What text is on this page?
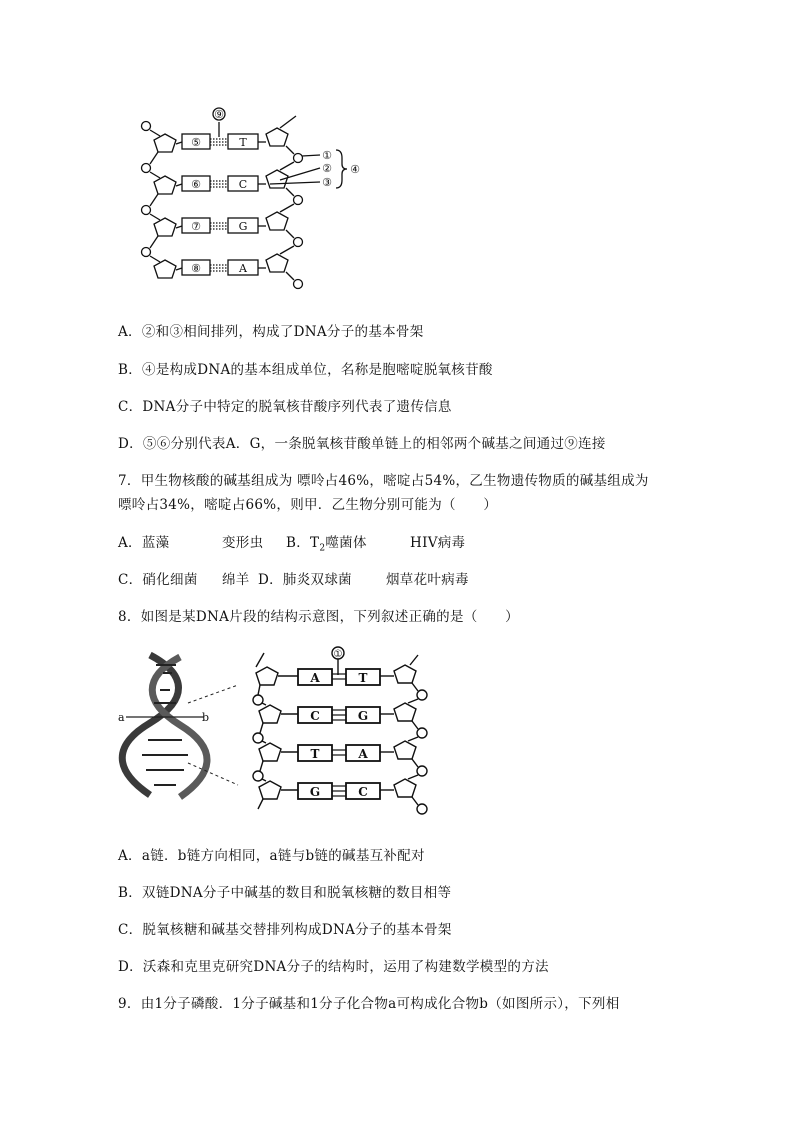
⑨
⑤
⑥
⑦
⑧
T
C
G
A
①
②
③
④
A．②和③相间排列，构成了DNA分子的基本骨架
B．④是构成DNA的基本组成单位，名称是胞嘧啶脱氧核苷酸
C．DNA分子中特定的脱氧核苷酸序列代表了遗传信息
D．⑤⑥分别代表A．G，一条脱氧核苷酸单链上的相邻两个碱基之间通过⑨连接
7．甲生物核酸的碱基组成为 嘌呤占46%，嘧啶占54%，乙生物遗传物质的碱基组成为
嘌呤占34%，嘧啶占66%，则甲．乙生物分别可能为（　　）
A．蓝藻	变形虫 B．$T_2$噬菌体	HIV病毒
C．硝化细菌 绵羊 D．肺炎双球菌	烟草花叶病毒
8．如图是某DNA片段的结构示意图，下列叙述正确的是（　　）
a	b
①
A
C
T
G
T
G
A
C
A．a链．b链方向相同，a链与b链的碱基互补配对
B．双链DNA分子中碱基的数目和脱氧核糖的数目相等
C．脱氧核糖和碱基交替排列构成DNA分子的基本骨架
D．沃森和克里克研究DNA分子的结构时，运用了构建数学模型的方法
9．由1分子磷酸．1分子碱基和1分子化合物a可构成化合物b（如图所示），下列相
